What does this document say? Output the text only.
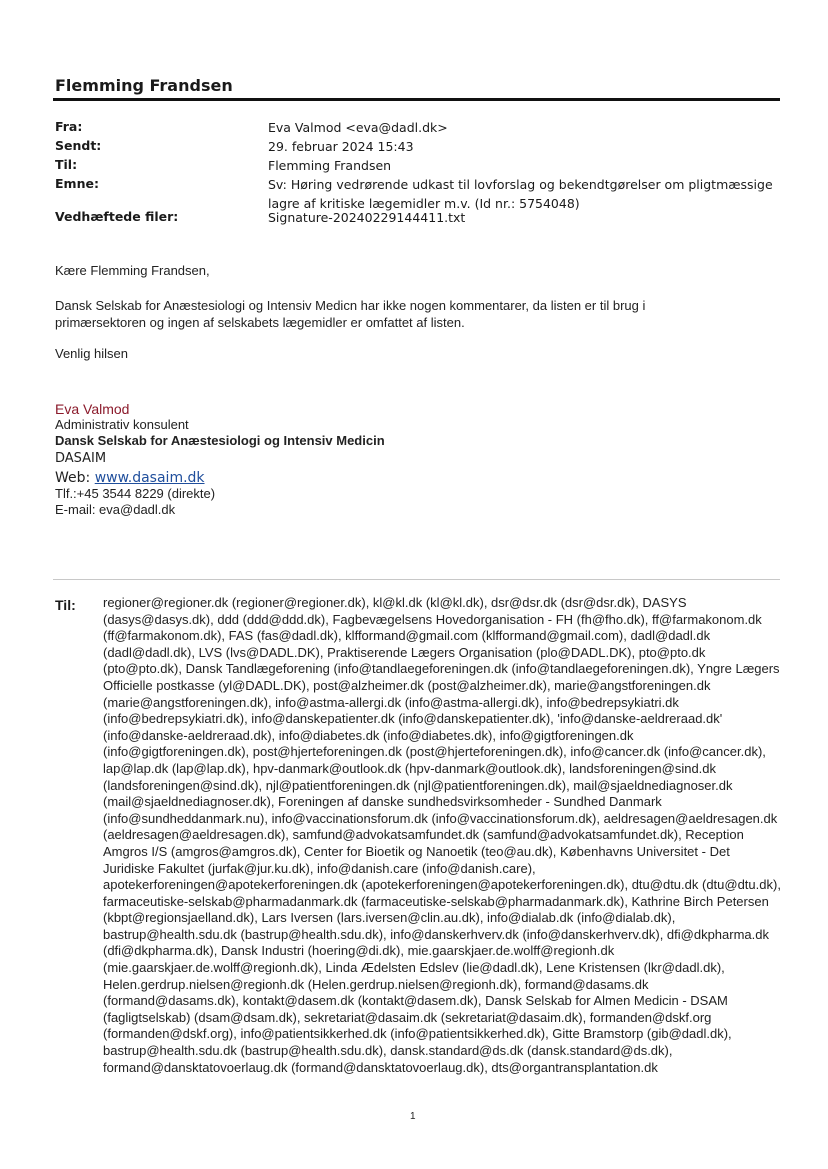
Flemming Frandsen
Fra:	Eva Valmod <eva@dadl.dk>
Sendt:	29. februar 2024 15:43
Til:	Flemming Frandsen
Emne:	Sv: Høring vedrørende udkast til lovforslag og bekendtgørelser om pligtmæssige lagre af kritiske lægemidler m.v. (Id nr.: 5754048)
Vedhæftede filer:	Signature-20240229144411.txt
Kære Flemming Frandsen,
Dansk Selskab for Anæstesiologi og Intensiv Medicn har ikke nogen kommentarer, da listen er til brug i primærsektoren og ingen af selskabets lægemidler er omfattet af listen.
Venlig hilsen
Eva Valmod
Administrativ konsulent
Dansk Selskab for Anæstesiologi og Intensiv Medicin
DASAIM
Web: www.dasaim.dk
Tlf.:+45 3544 8229 (direkte)
E-mail: eva@dadl.dk
Til: regioner@regioner.dk (regioner@regioner.dk), kl@kl.dk (kl@kl.dk), dsr@dsr.dk (dsr@dsr.dk), DASYS (dasys@dasys.dk), ddd (ddd@ddd.dk), Fagbevægelsens Hovedorganisation - FH (fh@fho.dk), ff@farmakonom.dk (ff@farmakonom.dk), FAS (fas@dadl.dk), klfformand@gmail.com (klfformand@gmail.com), dadl@dadl.dk (dadl@dadl.dk), LVS (lvs@DADL.DK), Praktiserende Lægers Organisation (plo@DADL.DK), pto@pto.dk (pto@pto.dk), Dansk Tandlægeforening (info@tandlaegeforeningen.dk (info@tandlaegeforeningen.dk), Yngre Lægers Officielle postkasse (yl@DADL.DK), post@alzheimer.dk (post@alzheimer.dk), marie@angstforeningen.dk (marie@angstforeningen.dk), info@astma-allergi.dk (info@astma-allergi.dk), info@bedrepsykiatri.dk (info@bedrepsykiatri.dk), info@danskepatienter.dk (info@danskepatienter.dk), 'info@danske-aeldreraad.dk' (info@danske-aeldreraad.dk), info@diabetes.dk (info@diabetes.dk), info@gigtforeningen.dk (info@gigtforeningen.dk), post@hjerteforeningen.dk (post@hjerteforeningen.dk), info@cancer.dk (info@cancer.dk), lap@lap.dk (lap@lap.dk), hpv-danmark@outlook.dk (hpv-danmark@outlook.dk), landsforeningen@sind.dk (landsforeningen@sind.dk), njl@patientforeningen.dk (njl@patientforeningen.dk), mail@sjaeldnediagnoser.dk (mail@sjaeldnediagnoser.dk), Foreningen af danske sundhedsvirksomheder - Sundhed Danmark (info@sundheddanmark.nu), info@vaccinationsforum.dk (info@vaccinationsforum.dk), aeldresagen@aeldresagen.dk (aeldresagen@aeldresagen.dk), samfund@advokatsamfundet.dk (samfund@advokatsamfundet.dk), Reception Amgros I/S (amgros@amgros.dk), Center for Bioetik og Nanoetik (teo@au.dk), Københavns Universitet - Det Juridiske Fakultet (jurfak@jur.ku.dk), info@danish.care (info@danish.care), apotekerforeningen@apotekerforeningen.dk (apotekerforeningen@apotekerforeningen.dk), dtu@dtu.dk (dtu@dtu.dk), farmaceutiske-selskab@pharmadanmark.dk (farmaceutiske-selskab@pharmadanmark.dk), Kathrine Birch Petersen (kbpt@regionsjaelland.dk), Lars Iversen (lars.iversen@clin.au.dk), info@dialab.dk (info@dialab.dk), bastrup@health.sdu.dk (bastrup@health.sdu.dk), info@danskerhverv.dk (info@danskerhverv.dk), dfi@dkpharma.dk (dfi@dkpharma.dk), Dansk Industri (hoering@di.dk), mie.gaarskjaer.de.wolff@regionh.dk (mie.gaarskjaer.de.wolff@regionh.dk), Linda Ædelsten Edslev (lie@dadl.dk), Lene Kristensen (lkr@dadl.dk), Helen.gerdrup.nielsen@regionh.dk (Helen.gerdrup.nielsen@regionh.dk), formand@dasams.dk (formand@dasams.dk), kontakt@dasem.dk (kontakt@dasem.dk), Dansk Selskab for Almen Medicin - DSAM (fagligtselskab) (dsam@dsam.dk), sekretariat@dasaim.dk (sekretariat@dasaim.dk), formanden@dskf.org (formanden@dskf.org), info@patientsikkerhed.dk (info@patientsikkerhed.dk), Gitte Bramstorp (gib@dadl.dk), bastrup@health.sdu.dk (bastrup@health.sdu.dk), dansk.standard@ds.dk (dansk.standard@ds.dk), formand@dansktatovoerlaug.dk (formand@dansktatovoerlaug.dk), dts@organtransplantation.dk
1
